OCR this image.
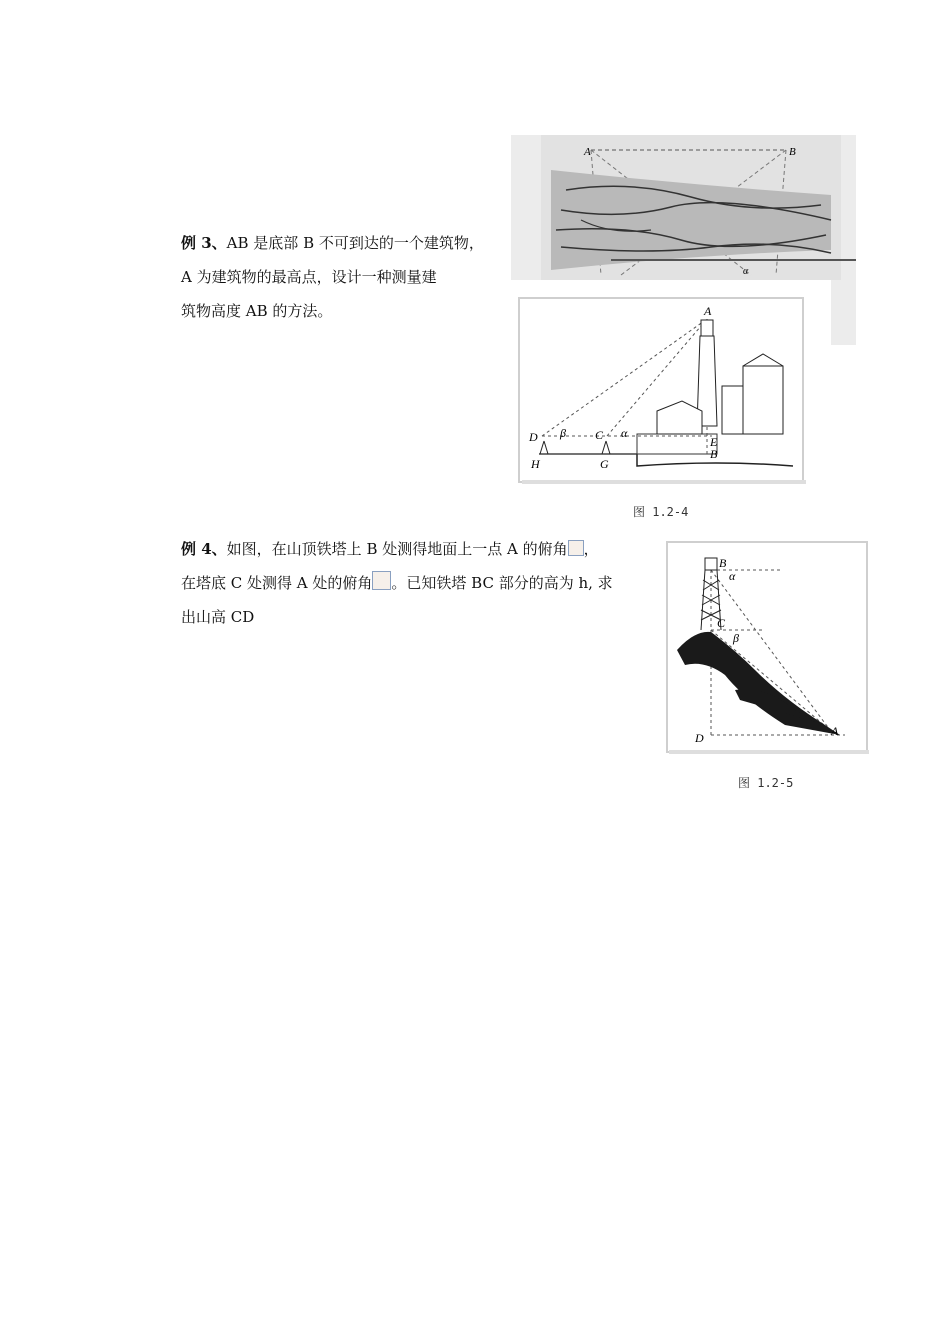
例 3、AB 是底部 B 不可到达的一个建筑物，
A 为建筑物的最高点，设计一种测量建
筑物高度 AB 的方法。
A	B
α
D
H
β C
G
α
A
E
B
图 1.2-4
例 4、如图，在山顶铁塔上 B 处测得地面上一点 A 的俯角 ，
在塔底 C 处测得 A 处的俯角 。已知铁塔 BC 部分的高为 h, 求
出山高 CD
B
α
C
β
D	A
图 1.2-5
